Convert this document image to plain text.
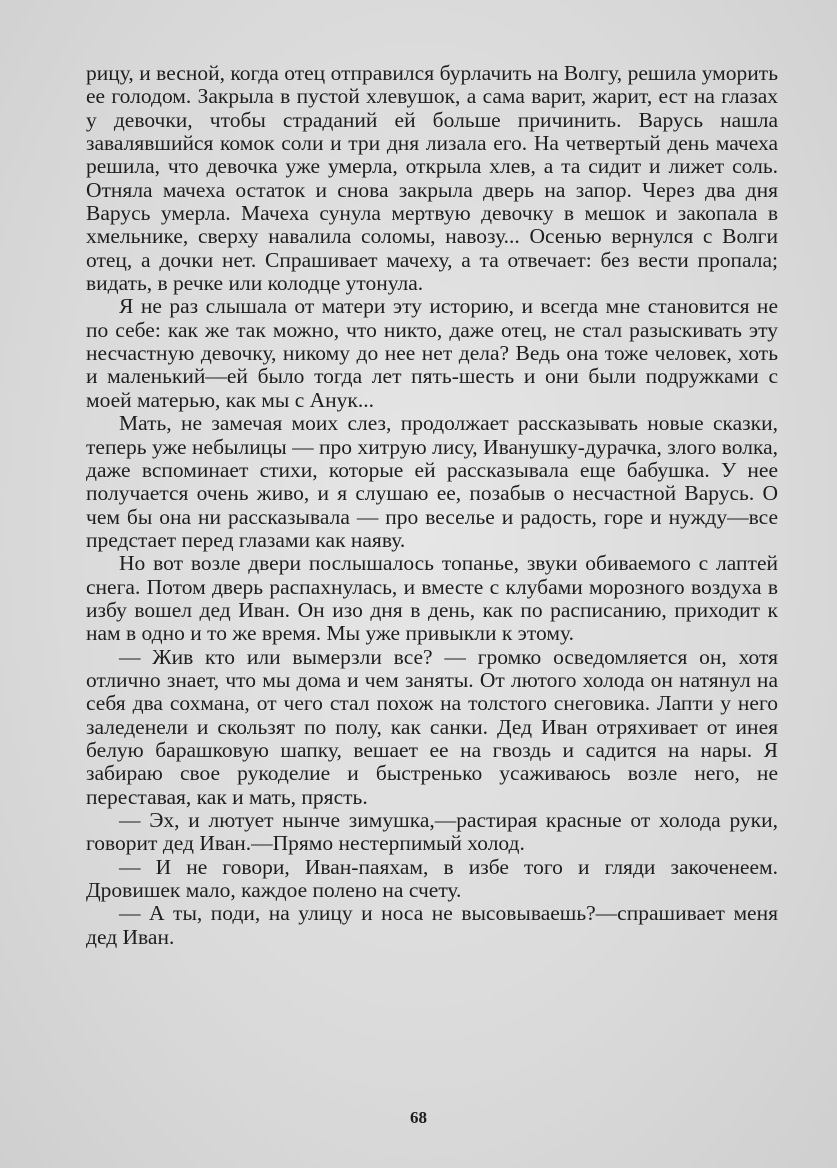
рицу, и весной, когда отец отправился бурлачить на Волгу, решила уморить ее голодом. Закрыла в пустой хлевушок, а сама варит, жарит, ест на глазах у девочки, чтобы страданий ей больше причинить. Варусь нашла завалявшийся комок соли и три дня лизала его. На четвертый день мачеха решила, что девочка уже умерла, открыла хлев, а та сидит и лижет соль. Отняла мачеха остаток и снова закрыла дверь на запор. Через два дня Варусь умерла. Мачеха сунула мертвую девочку в мешок и закопала в хмельнике, сверху навалила соломы, навозу... Осенью вернулся с Волги отец, а дочки нет. Спрашивает мачеху, а та отвечает: без вести пропала; видать, в речке или колодце утонула.

Я не раз слышала от матери эту историю, и всегда мне становится не по себе: как же так можно, что никто, даже отец, не стал разыскивать эту несчастную девочку, никому до нее нет дела? Ведь она тоже человек, хоть и маленький—ей было тогда лет пять-шесть и они были подружками с моей матерью, как мы с Анук...

Мать, не замечая моих слез, продолжает рассказывать новые сказки, теперь уже небылицы — про хитрую лису, Иванушку-дурачка, злого волка, даже вспоминает стихи, которые ей рассказывала еще бабушка. У нее получается очень живо, и я слушаю ее, позабыв о несчастной Варусь. О чем бы она ни рассказывала — про веселье и радость, горе и нужду—все предстает перед глазами как наяву.

Но вот возле двери послышалось топанье, звуки обиваемого с лаптей снега. Потом дверь распахнулась, и вместе с клубами морозного воздуха в избу вошел дед Иван. Он изо дня в день, как по расписанию, приходит к нам в одно и то же время. Мы уже привыкли к этому.

— Жив кто или вымерзли все? — громко осведомляется он, хотя отлично знает, что мы дома и чем заняты. От лютого холода он натянул на себя два сохмана, от чего стал похож на толстого снеговика. Лапти у него заледенели и скользят по полу, как санки. Дед Иван отряхивает от инея белую барашковую шапку, вешает ее на гвоздь и садится на нары. Я забираю свое рукоделие и быстренько усаживаюсь возле него, не переставая, как и мать, прясть.

— Эх, и лютует нынче зимушка,—растирая красные от холода руки, говорит дед Иван.—Прямо нестерпимый холод.

— И не говори, Иван-паяхам, в избе того и гляди закоченеем. Дровишек мало, каждое полено на счету.

— А ты, поди, на улицу и носа не высовываешь?—спрашивает меня дед Иван.

68
